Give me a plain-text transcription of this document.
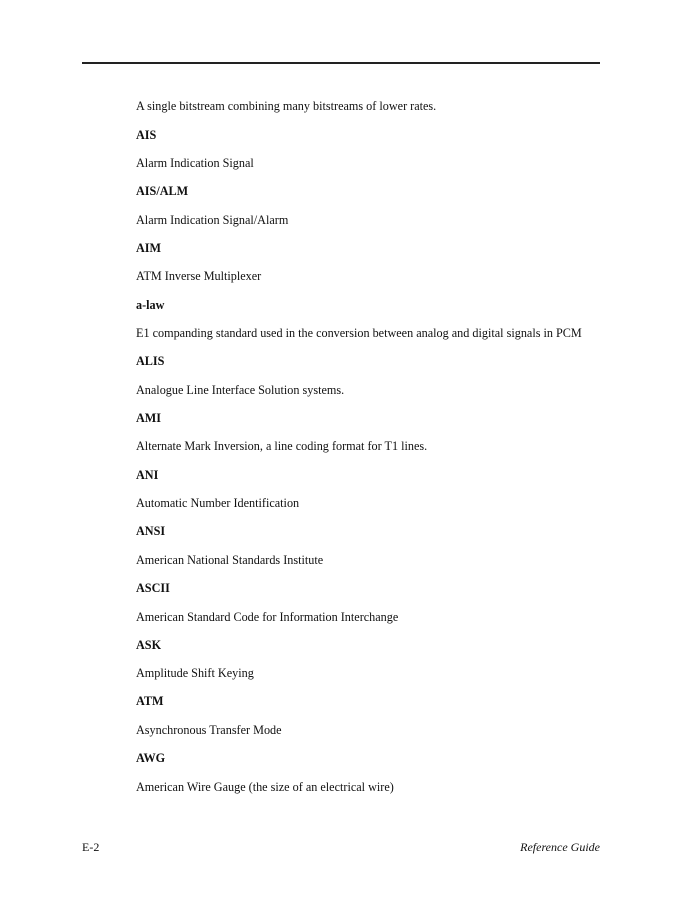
A single bitstream combining many bitstreams of lower rates.
AIS
Alarm Indication Signal
AIS/ALM
Alarm Indication Signal/Alarm
AIM
ATM Inverse Multiplexer
a-law
E1 companding standard used in the conversion between analog and digital signals in PCM
ALIS
Analogue Line Interface Solution systems.
AMI
Alternate Mark Inversion, a line coding format for T1 lines.
ANI
Automatic Number Identification
ANSI
American National Standards Institute
ASCII
American Standard Code for Information Interchange
ASK
Amplitude Shift Keying
ATM
Asynchronous Transfer Mode
AWG
American Wire Gauge (the size of an electrical wire)
E-2	Reference Guide
